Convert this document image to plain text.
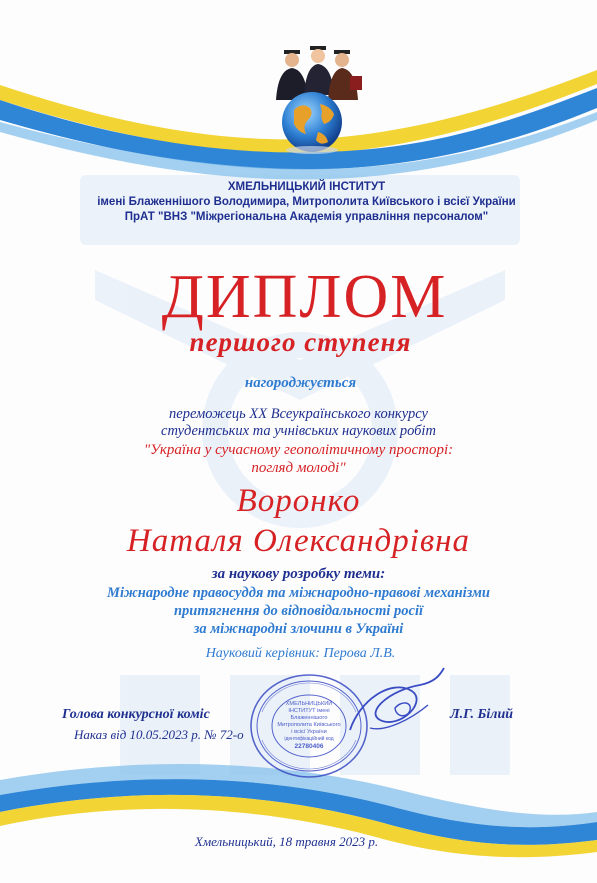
ХМЕЛЬНИЦЬКИЙ ІНСТИТУТ
імені Блаженнішого Володимира, Митрополита Київського і всієї України
ПрАТ "ВНЗ "Міжрегіональна Академія управління персоналом"
ДИПЛОМ
першого ступеня
нагороджується
переможець XX Всеукраїнського конкурсу
студентських та учнівських наукових робіт
"Україна у сучасному геополітичному просторі:
погляд молоді"
Воронко
Наталя Олександрівна
за наукову розробку теми:
Міжнародне правосуддя та міжнародно-правові механізми
притягнення до відповідальності росії
за міжнародні злочини в Україні
Науковий керівник: Перова Л.В.
Голова конкурсної коміс
Наказ від 10.05.2023 р. № 72-о
Л.Г. Білий
ХМЕЛЬНИЦЬКИЙ
ІНСТИТУТ імені
Блаженнішого
Митрополита Київського
і всієї України
ідентифікаційний код
22780406
Хмельницький, 18 травня 2023 р.
